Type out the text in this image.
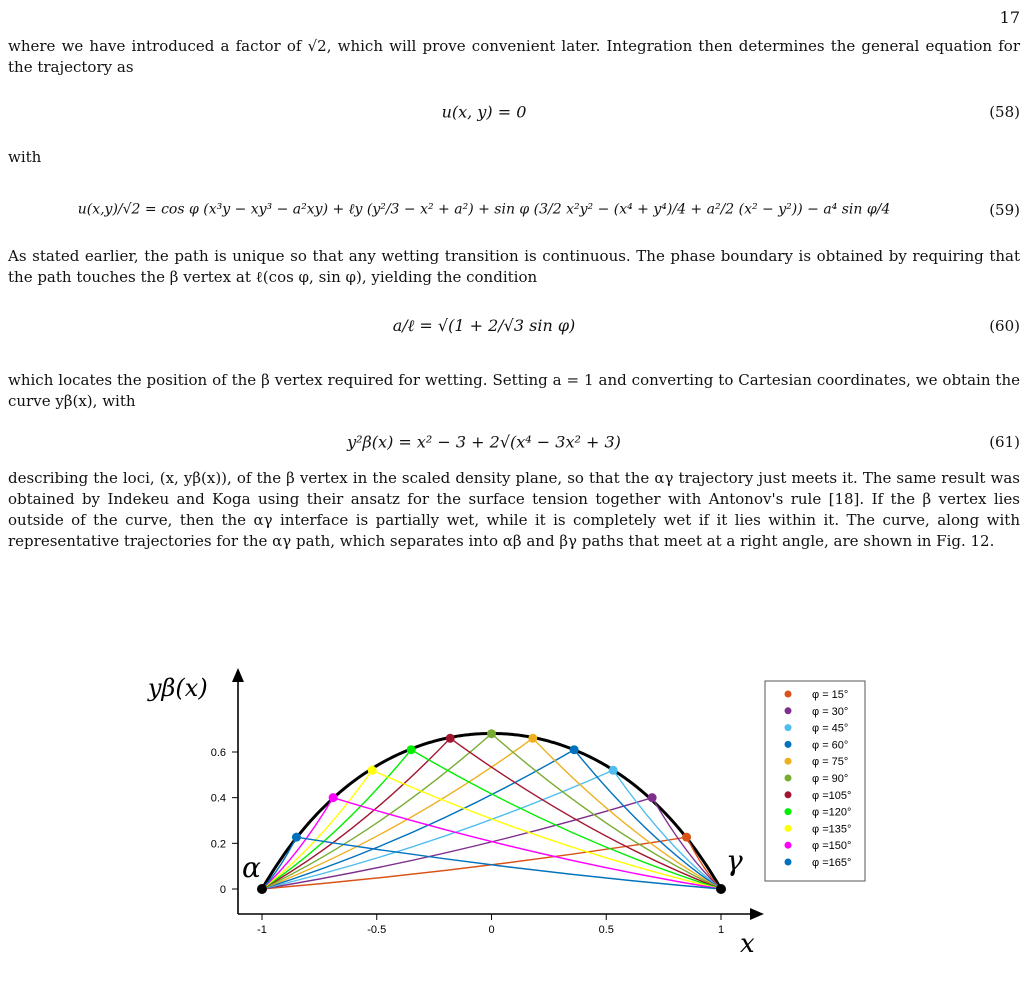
17
where we have introduced a factor of √2, which will prove convenient later. Integration then determines the general equation for the trajectory as
u(x, y) = 0	(58)
with
u(x,y)/√2 = cos φ (x³y − xy³ − a²xy) + ℓy (y²/3 − x² + a²) + sin φ (3/2 x²y² − (x⁴ + y⁴)/4 + a²/2 (x² − y²)) − a⁴ sin φ/4	(59)
As stated earlier, the path is unique so that any wetting transition is continuous. The phase boundary is obtained by requiring that the path touches the β vertex at ℓ(cos φ, sin φ), yielding the condition
a/ℓ = √(1 + 2/√3 sin φ)	(60)
which locates the position of the β vertex required for wetting. Setting a = 1 and converting to Cartesian coordinates, we obtain the curve yβ(x), with
y²β(x) = x² − 3 + 2√(x⁴ − 3x² + 3)	(61)
describing the loci, (x, yβ(x)), of the β vertex in the scaled density plane, so that the αγ trajectory just meets it. The same result was obtained by Indekeu and Koga using their ansatz for the surface tension together with Antonov's rule [18]. If the β vertex lies outside of the curve, then the αγ interface is partially wet, while it is completely wet if it lies within it. The curve, along with representative trajectories for the αγ path, which separates into αβ and βγ paths that meet at a right angle, are shown in Fig. 12.
x
yβ(x)
-1	-0.5	0	0.5	1
0
0.2
0.4
0.6
α	γ
φ = 15°
φ = 30°
φ = 45°
φ = 60°
φ = 75°
φ = 90°
φ =105°
φ =120°
φ =135°
φ =150°
φ =165°
